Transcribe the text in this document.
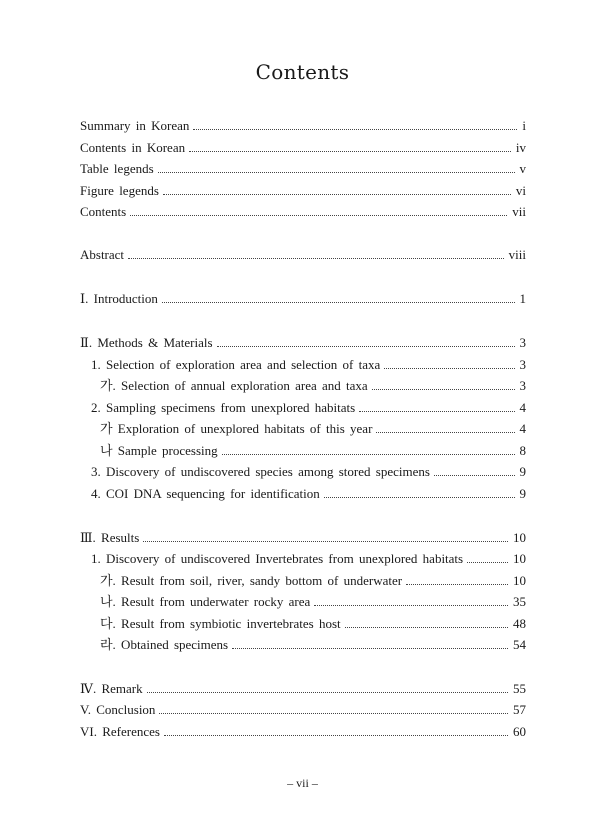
Contents
Summary in Korean	i
Contents in Korean	iv
Table legends	v
Figure legends	vi
Contents	vii
Abstract	viii
Ⅰ. Introduction	1
Ⅱ. Methods & Materials	3
1. Selection of exploration area and selection of taxa	3
가. Selection of annual exploration area and taxa	3
2. Sampling specimens from unexplored habitats	4
가 Exploration of unexplored habitats of this year	4
나 Sample processing	8
3. Discovery of undiscovered species among stored specimens	9
4. COI DNA sequencing for identification	9
Ⅲ. Results	10
1. Discovery of undiscovered Invertebrates from unexplored habitats	10
가. Result from soil, river, sandy bottom of underwater	10
나. Result from underwater rocky area	35
다. Result from symbiotic invertebrates host	48
라. Obtained specimens	54
Ⅳ. Remark	55
V. Conclusion	57
VI. References	60
– vii –
